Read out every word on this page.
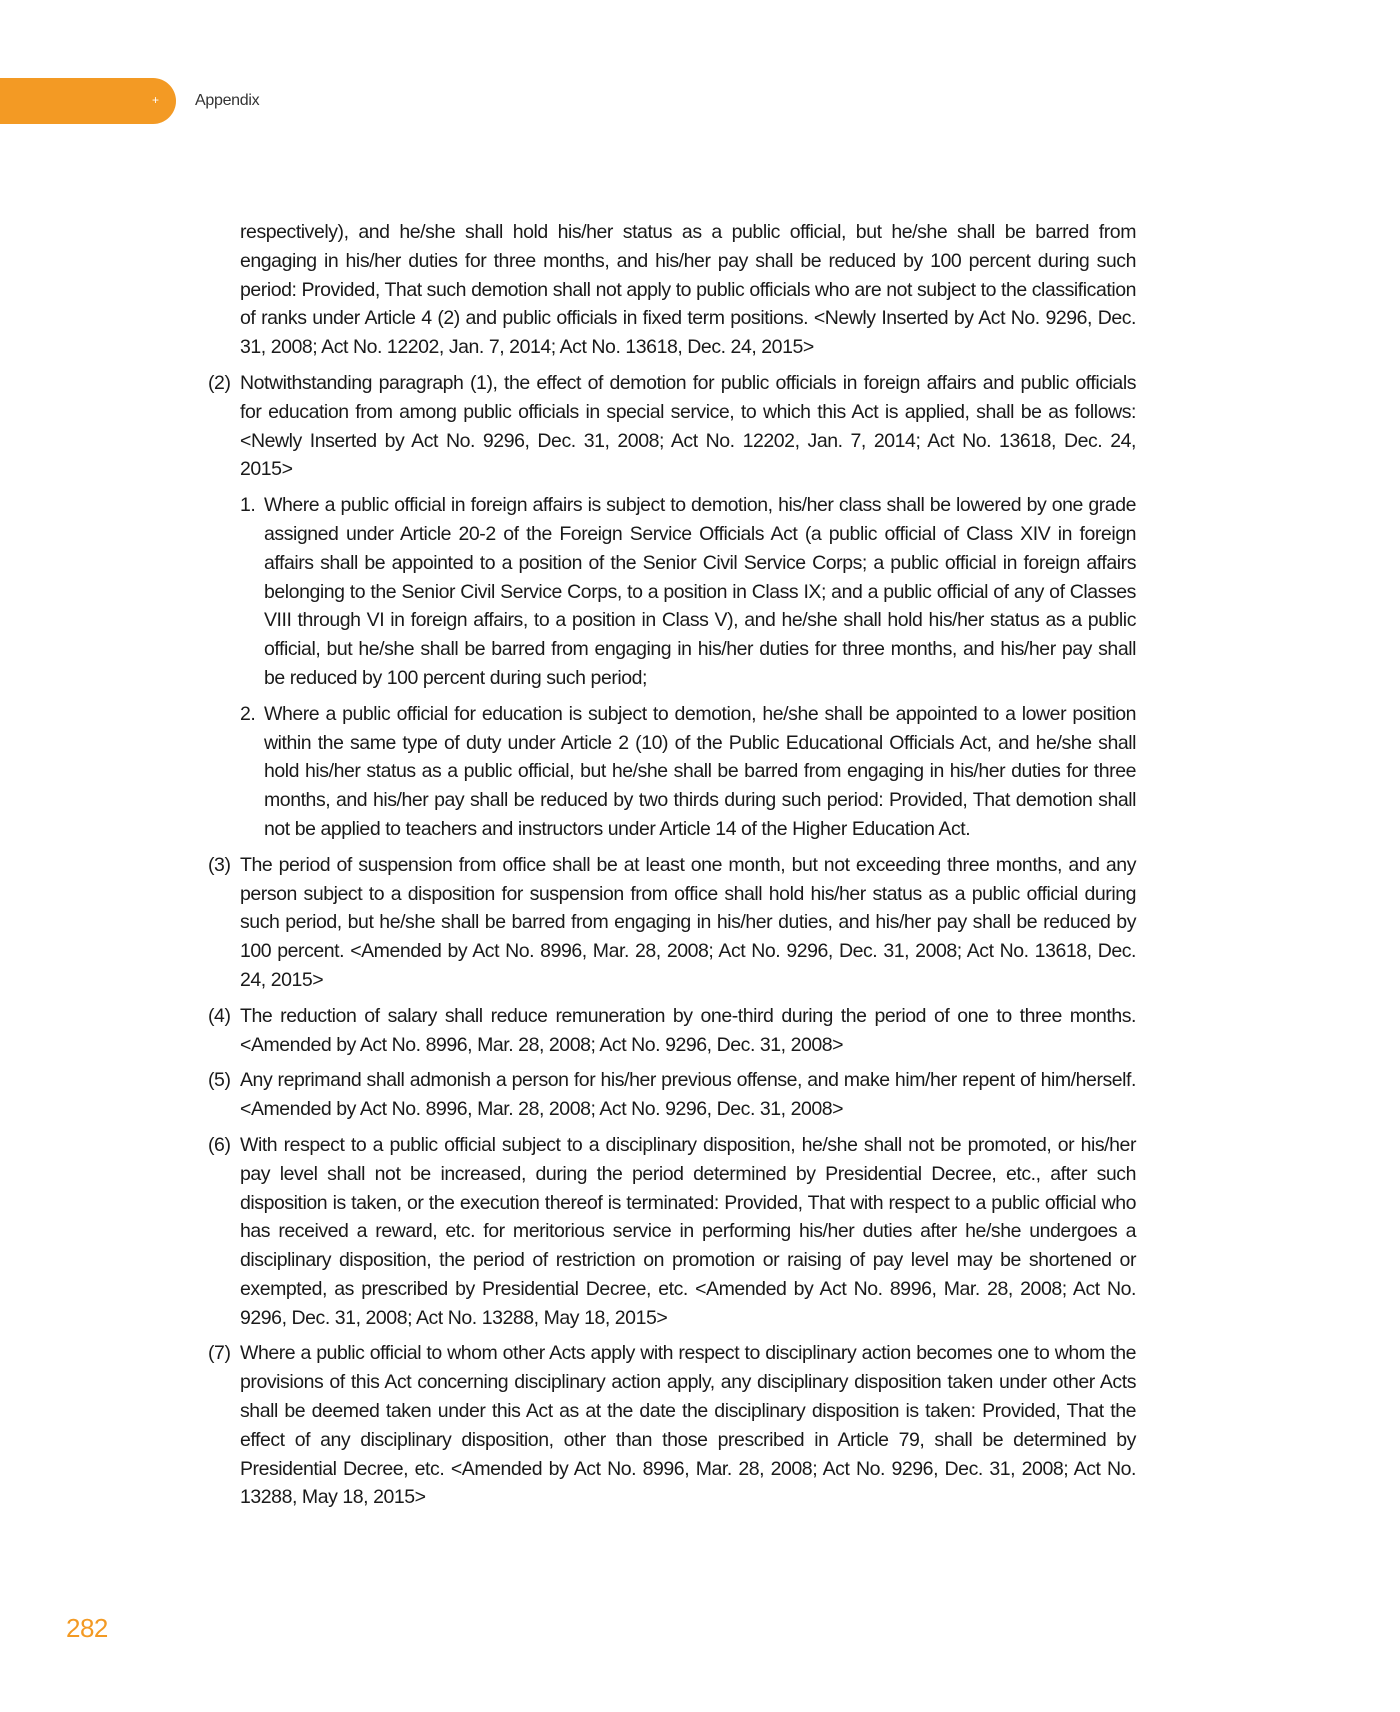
+ Appendix

respectively), and he/she shall hold his/her status as a public official, but he/she shall be barred from engaging in his/her duties for three months, and his/her pay shall be reduced by 100 percent during such period: Provided, That such demotion shall not apply to public officials who are not subject to the classification of ranks under Article 4 (2) and public officials in fixed term positions. <Newly Inserted by Act No. 9296, Dec. 31, 2008; Act No. 12202, Jan. 7, 2014; Act No. 13618, Dec. 24, 2015>

(2) Notwithstanding paragraph (1), the effect of demotion for public officials in foreign affairs and public officials for education from among public officials in special service, to which this Act is applied, shall be as follows: <Newly Inserted by Act No. 9296, Dec. 31, 2008; Act No. 12202, Jan. 7, 2014; Act No. 13618, Dec. 24, 2015>

1. Where a public official in foreign affairs is subject to demotion, his/her class shall be lowered by one grade assigned under Article 20-2 of the Foreign Service Officials Act (a public official of Class XIV in foreign affairs shall be appointed to a position of the Senior Civil Service Corps; a public official in foreign affairs belonging to the Senior Civil Service Corps, to a position in Class IX; and a public official of any of Classes VIII through VI in foreign affairs, to a position in Class V), and he/she shall hold his/her status as a public official, but he/she shall be barred from engaging in his/her duties for three months, and his/her pay shall be reduced by 100 percent during such period;

2. Where a public official for education is subject to demotion, he/she shall be appointed to a lower position within the same type of duty under Article 2 (10) of the Public Educational Officials Act, and he/she shall hold his/her status as a public official, but he/she shall be barred from engaging in his/her duties for three months, and his/her pay shall be reduced by two thirds during such period: Provided, That demotion shall not be applied to teachers and instructors under Article 14 of the Higher Education Act.

(3) The period of suspension from office shall be at least one month, but not exceeding three months, and any person subject to a disposition for suspension from office shall hold his/her status as a public official during such period, but he/she shall be barred from engaging in his/her duties, and his/her pay shall be reduced by 100 percent. <Amended by Act No. 8996, Mar. 28, 2008; Act No. 9296, Dec. 31, 2008; Act No. 13618, Dec. 24, 2015>

(4) The reduction of salary shall reduce remuneration by one-third during the period of one to three months. <Amended by Act No. 8996, Mar. 28, 2008; Act No. 9296, Dec. 31, 2008>

(5) Any reprimand shall admonish a person for his/her previous offense, and make him/her repent of him/herself. <Amended by Act No. 8996, Mar. 28, 2008; Act No. 9296, Dec. 31, 2008>

(6) With respect to a public official subject to a disciplinary disposition, he/she shall not be promoted, or his/her pay level shall not be increased, during the period determined by Presidential Decree, etc., after such disposition is taken, or the execution thereof is terminated: Provided, That with respect to a public official who has received a reward, etc. for meritorious service in performing his/her duties after he/she undergoes a disciplinary disposition, the period of restriction on promotion or raising of pay level may be shortened or exempted, as prescribed by Presidential Decree, etc. <Amended by Act No. 8996, Mar. 28, 2008; Act No. 9296, Dec. 31, 2008; Act No. 13288, May 18, 2015>

(7) Where a public official to whom other Acts apply with respect to disciplinary action becomes one to whom the provisions of this Act concerning disciplinary action apply, any disciplinary disposition taken under other Acts shall be deemed taken under this Act as at the date the disciplinary disposition is taken: Provided, That the effect of any disciplinary disposition, other than those prescribed in Article 79, shall be determined by Presidential Decree, etc. <Amended by Act No. 8996, Mar. 28, 2008; Act No. 9296, Dec. 31, 2008; Act No. 13288, May 18, 2015>

282
